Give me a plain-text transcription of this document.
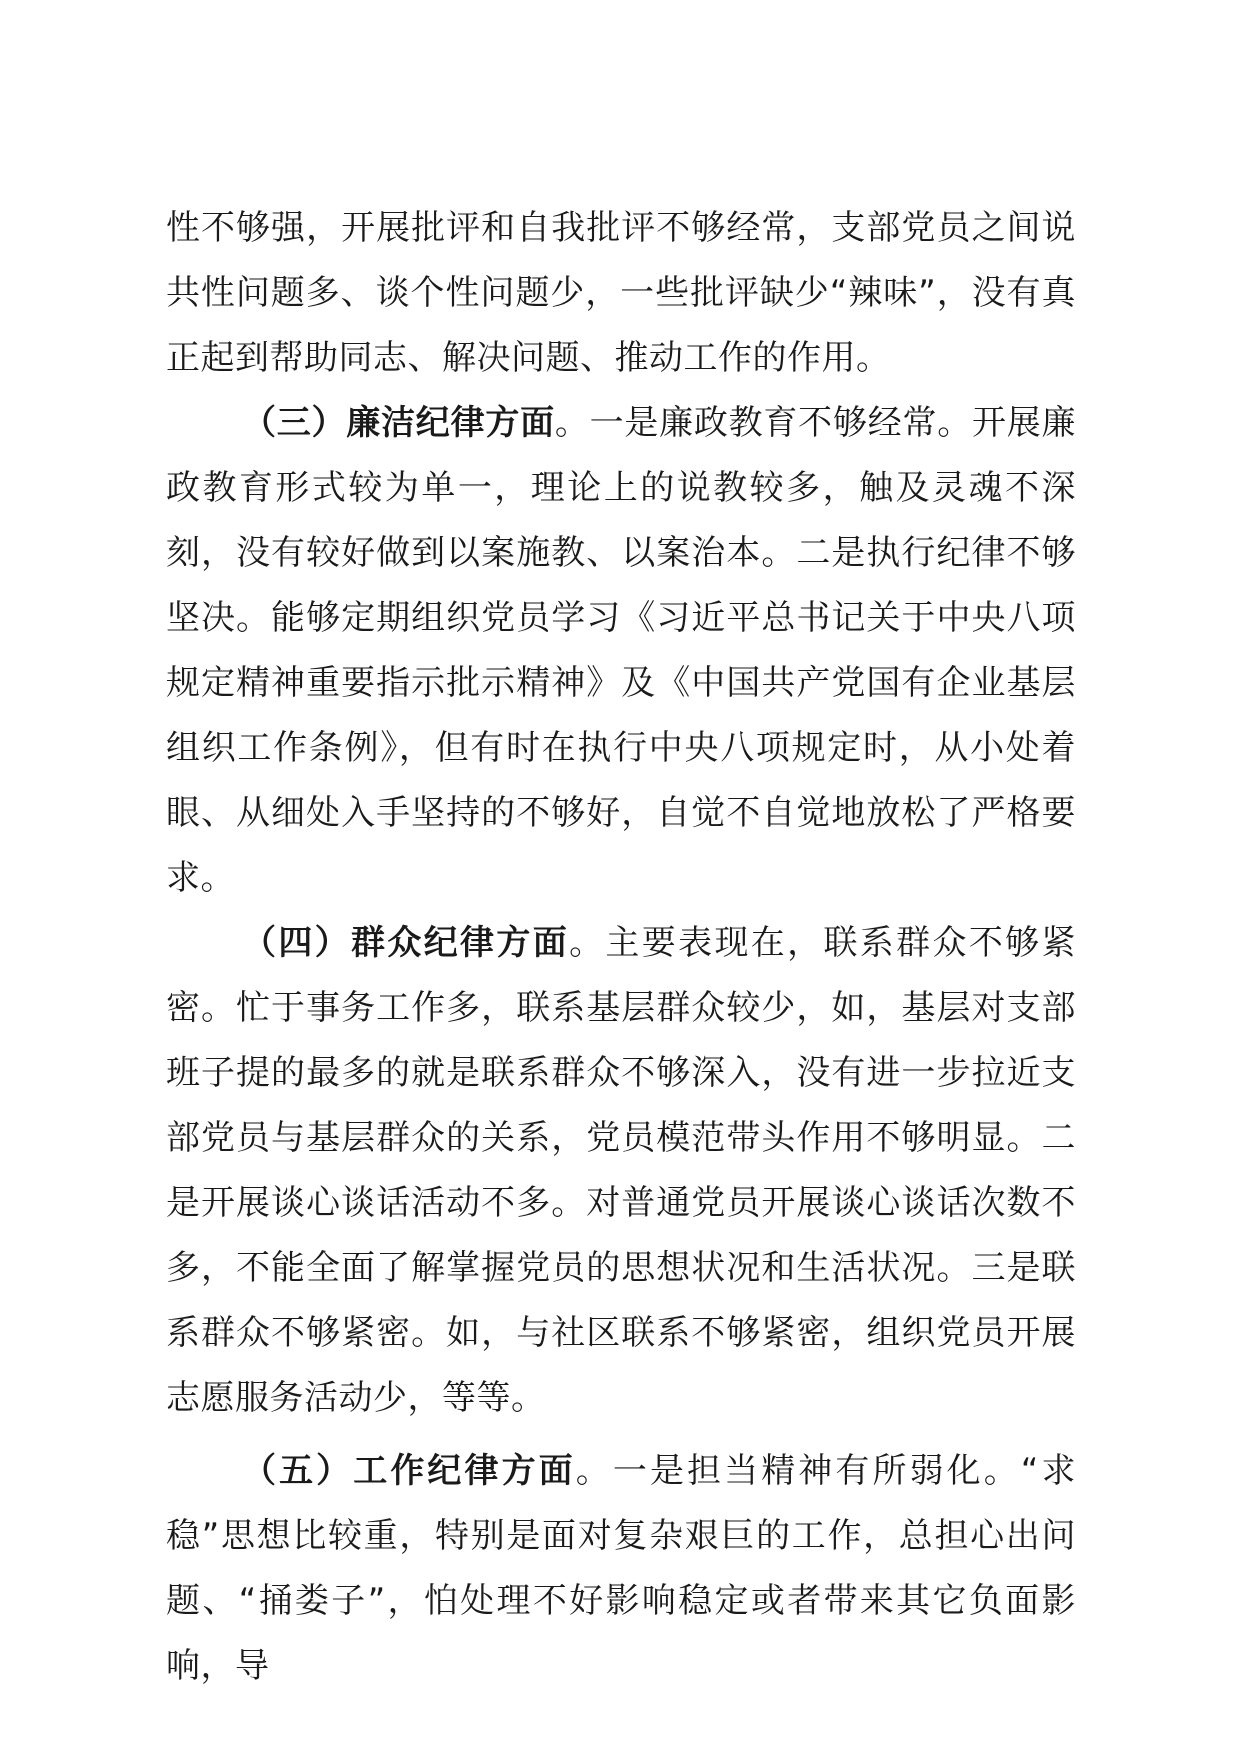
性不够强，开展批评和自我批评不够经常，支部党员之间说共性问题多、谈个性问题少，一些批评缺少“辣味”，没有真正起到帮助同志、解决问题、推动工作的作用。

（三）廉洁纪律方面。一是廉政教育不够经常。开展廉政教育形式较为单一，理论上的说教较多，触及灵魂不深刻，没有较好做到以案施教、以案治本。二是执行纪律不够坚决。能够定期组织党员学习《习近平总书记关于中央八项规定精神重要指示批示精神》及《中国共产党国有企业基层组织工作条例》，但有时在执行中央八项规定时，从小处着眼、从细处入手坚持的不够好，自觉不自觉地放松了严格要求。

（四）群众纪律方面。主要表现在，联系群众不够紧密。忙于事务工作多，联系基层群众较少，如，基层对支部班子提的最多的就是联系群众不够深入，没有进一步拉近支部党员与基层群众的关系，党员模范带头作用不够明显。二是开展谈心谈话活动不多。对普通党员开展谈心谈话次数不多，不能全面了解掌握党员的思想状况和生活状况。三是联系群众不够紧密。如，与社区联系不够紧密，组织党员开展志愿服务活动少，等等。

（五）工作纪律方面。一是担当精神有所弱化。“求稳”思想比较重，特别是面对复杂艰巨的工作，总担心出问题、“捅娄子”，怕处理不好影响稳定或者带来其它负面影响，导
